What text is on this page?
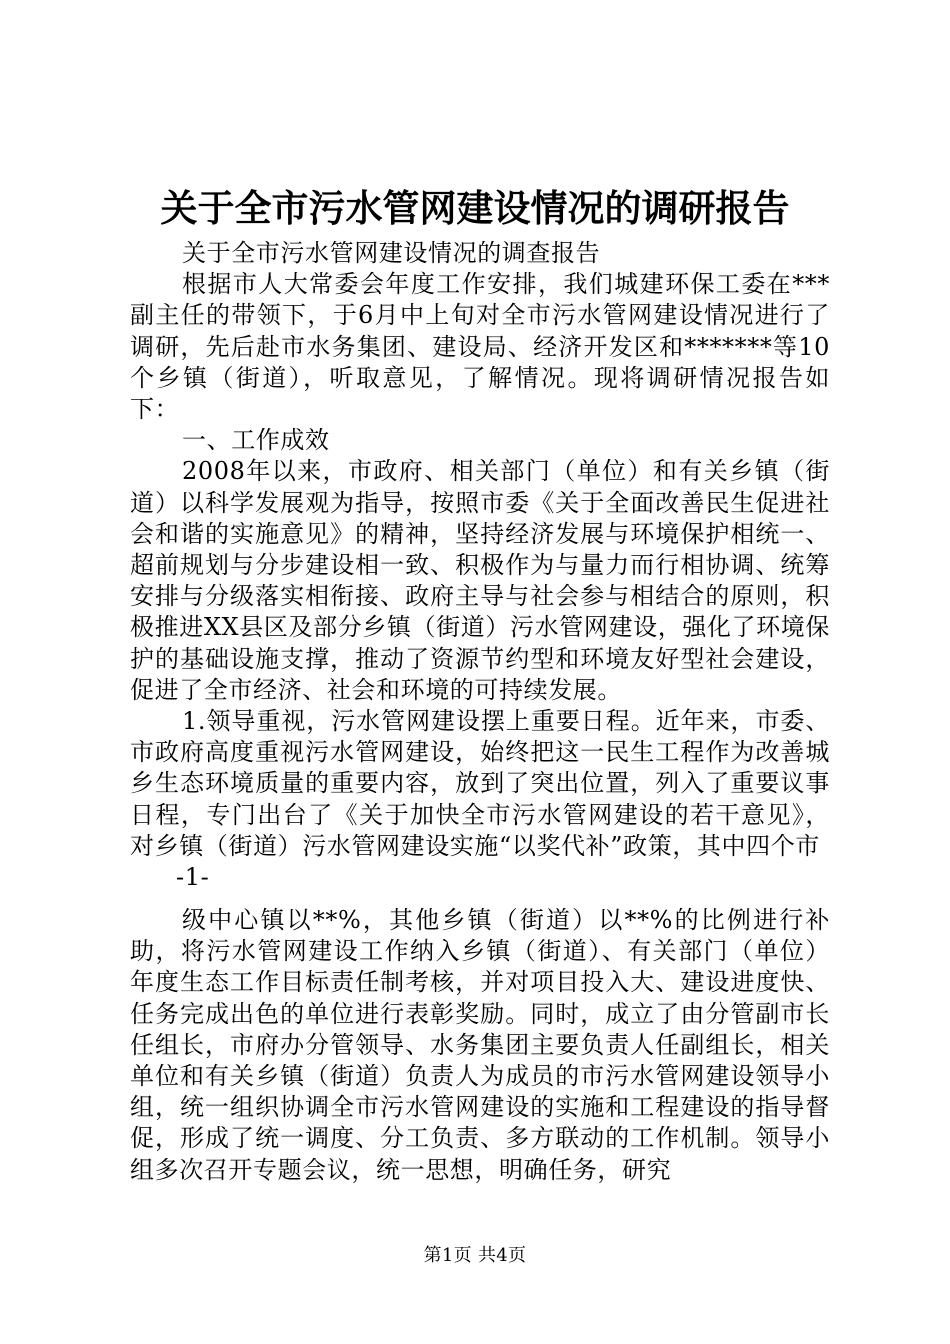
关于全市污水管网建设情况的调研报告

关于全市污水管网建设情况的调查报告

根据市人大常委会年度工作安排，我们城建环保工委在***副主任的带领下，于6月中上旬对全市污水管网建设情况进行了调研，先后赴市水务集团、建设局、经济开发区和*******等10个乡镇（街道），听取意见，了解情况。现将调研情况报告如下：

一、工作成效

2008年以来，市政府、相关部门（单位）和有关乡镇（街道）以科学发展观为指导，按照市委《关于全面改善民生促进社会和谐的实施意见》的精神，坚持经济发展与环境保护相统一、超前规划与分步建设相一致、积极作为与量力而行相协调、统筹安排与分级落实相衔接、政府主导与社会参与相结合的原则，积极推进XX县区及部分乡镇（街道）污水管网建设，强化了环境保护的基础设施支撑，推动了资源节约型和环境友好型社会建设，促进了全市经济、社会和环境的可持续发展。

1.领导重视，污水管网建设摆上重要日程。近年来，市委、市政府高度重视污水管网建设，始终把这一民生工程作为改善城乡生态环境质量的重要内容，放到了突出位置，列入了重要议事日程，专门出台了《关于加快全市污水管网建设的若干意见》，对乡镇（街道）污水管网建设实施“以奖代补”政策，其中四个市

-1-

级中心镇以**%，其他乡镇（街道）以**%的比例进行补助，将污水管网建设工作纳入乡镇（街道）、有关部门（单位）年度生态工作目标责任制考核，并对项目投入大、建设进度快、任务完成出色的单位进行表彰奖励。同时，成立了由分管副市长任组长，市府办分管领导、水务集团主要负责人任副组长，相关单位和有关乡镇（街道）负责人为成员的市污水管网建设领导小组，统一组织协调全市污水管网建设的实施和工程建设的指导督促，形成了统一调度、分工负责、多方联动的工作机制。领导小组多次召开专题会议，统一思想，明确任务，研究

第1页 共4页
